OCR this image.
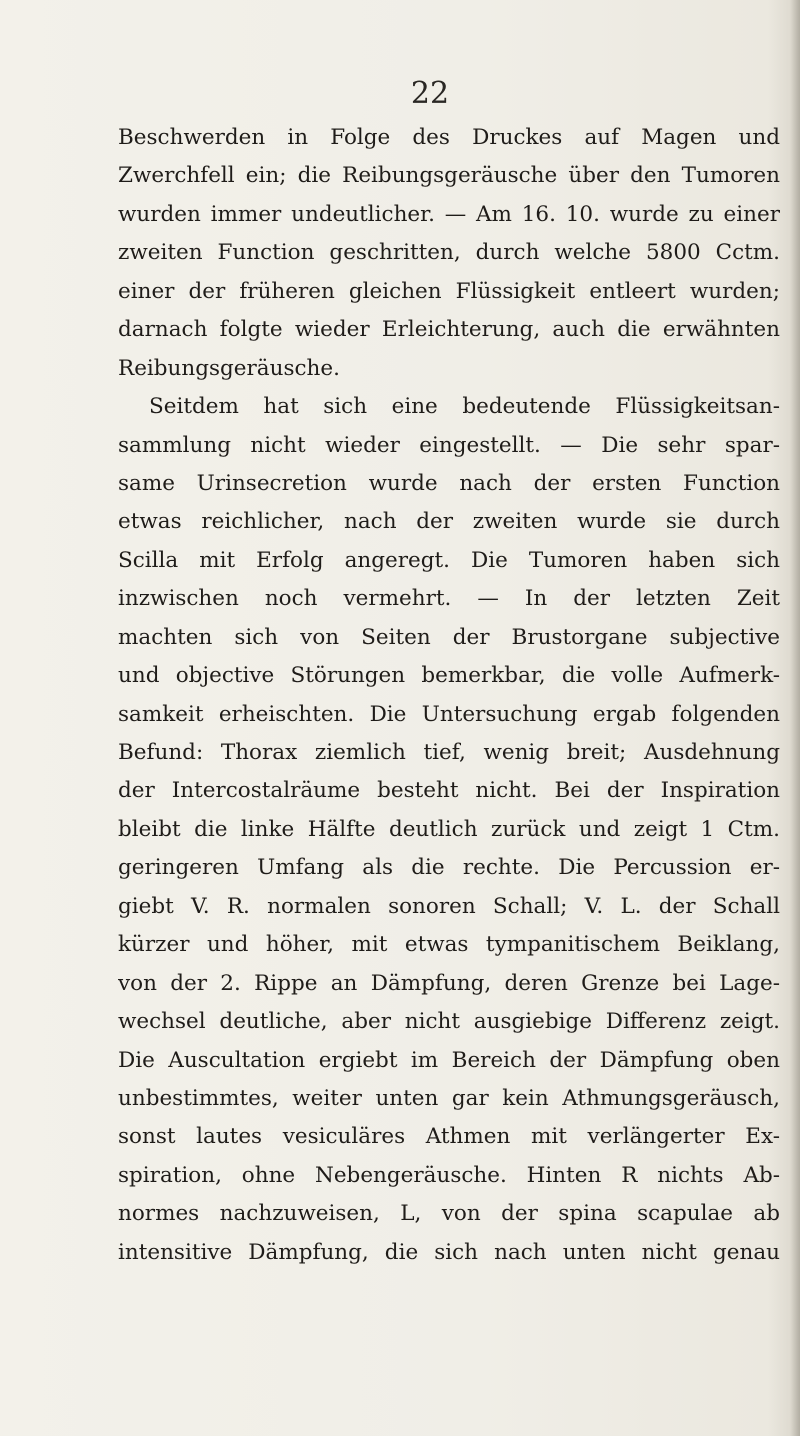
22
Beschwerden in Folge des Druckes auf Magen und
Zwerchfell ein; die Reibungsgeräusche über den Tumoren
wurden immer undeutlicher. — Am 16. 10. wurde zu einer
zweiten Function geschritten, durch welche 5800 Cctm.
einer der früheren gleichen Flüssigkeit entleert wurden;
darnach folgte wieder Erleichterung, auch die erwähnten
Reibungsgeräusche.
Seitdem hat sich eine bedeutende Flüssigkeitsan-
sammlung nicht wieder eingestellt. — Die sehr spar-
same Urinsecretion wurde nach der ersten Function
etwas reichlicher, nach der zweiten wurde sie durch
Scilla mit Erfolg angeregt. Die Tumoren haben sich
inzwischen noch vermehrt. — In der letzten Zeit
machten sich von Seiten der Brustorgane subjective
und objective Störungen bemerkbar, die volle Aufmerk-
samkeit erheischten. Die Untersuchung ergab folgenden
Befund: Thorax ziemlich tief, wenig breit; Ausdehnung
der Intercostalräume besteht nicht. Bei der Inspiration
bleibt die linke Hälfte deutlich zurück und zeigt 1 Ctm.
geringeren Umfang als die rechte. Die Percussion er-
giebt V. R. normalen sonoren Schall; V. L. der Schall
kürzer und höher, mit etwas tympanitischem Beiklang,
von der 2. Rippe an Dämpfung, deren Grenze bei Lage-
wechsel deutliche, aber nicht ausgiebige Differenz zeigt.
Die Auscultation ergiebt im Bereich der Dämpfung oben
unbestimmtes, weiter unten gar kein Athmungsgeräusch,
sonst lautes vesiculäres Athmen mit verlängerter Ex-
spiration, ohne Nebengeräusche. Hinten R nichts Ab-
normes nachzuweisen, L, von der spina scapulae ab
intensitive Dämpfung, die sich nach unten nicht genau
